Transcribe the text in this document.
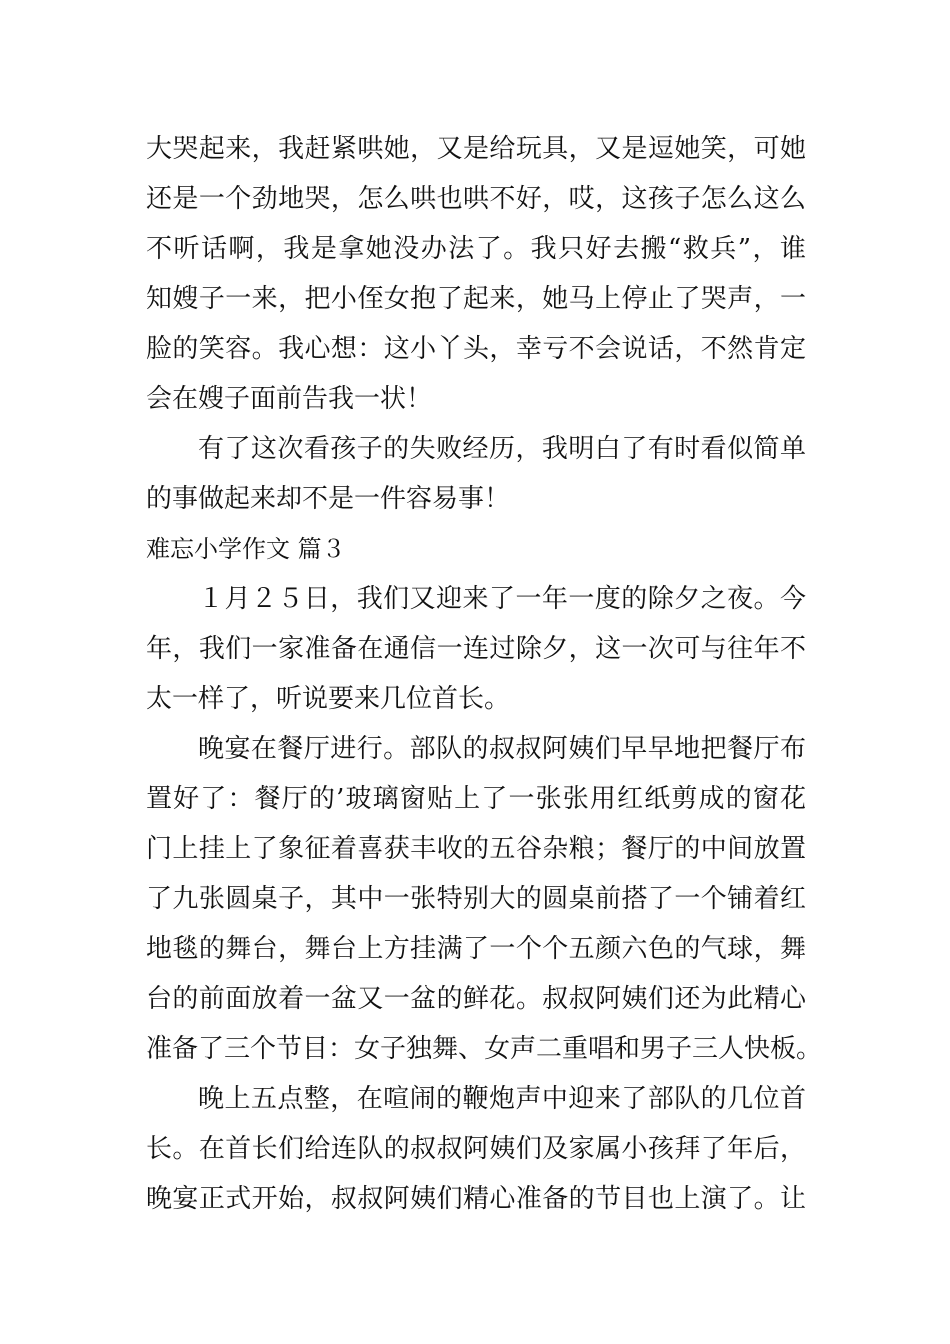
大哭起来，我赶紧哄她，又是给玩具，又是逗她笑，可她
还是一个劲地哭，怎么哄也哄不好，哎，这孩子怎么这么
不听话啊，我是拿她没办法了。我只好去搬“救兵”，谁
知嫂子一来，把小侄女抱了起来，她马上停止了哭声，一
脸的笑容。我心想：这小丫头，幸亏不会说话，不然肯定
会在嫂子面前告我一状！
有了这次看孩子的失败经历，我明白了有时看似简单
的事做起来却不是一件容易事！
难忘小学作文 篇３
１月２５日，我们又迎来了一年一度的除夕之夜。今
年，我们一家准备在通信一连过除夕，这一次可与往年不
太一样了，听说要来几位首长。
晚宴在餐厅进行。部队的叔叔阿姨们早早地把餐厅布
置好了：餐厅的’玻璃窗贴上了一张张用红纸剪成的窗花
门上挂上了象征着喜获丰收的五谷杂粮；餐厅的中间放置
了九张圆桌子，其中一张特别大的圆桌前搭了一个铺着红
地毯的舞台，舞台上方挂满了一个个五颜六色的气球，舞
台的前面放着一盆又一盆的鲜花。叔叔阿姨们还为此精心
准备了三个节目：女子独舞、女声二重唱和男子三人快板。
晚上五点整，在喧闹的鞭炮声中迎来了部队的几位首
长。在首长们给连队的叔叔阿姨们及家属小孩拜了年后，
晚宴正式开始，叔叔阿姨们精心准备的节目也上演了。让
